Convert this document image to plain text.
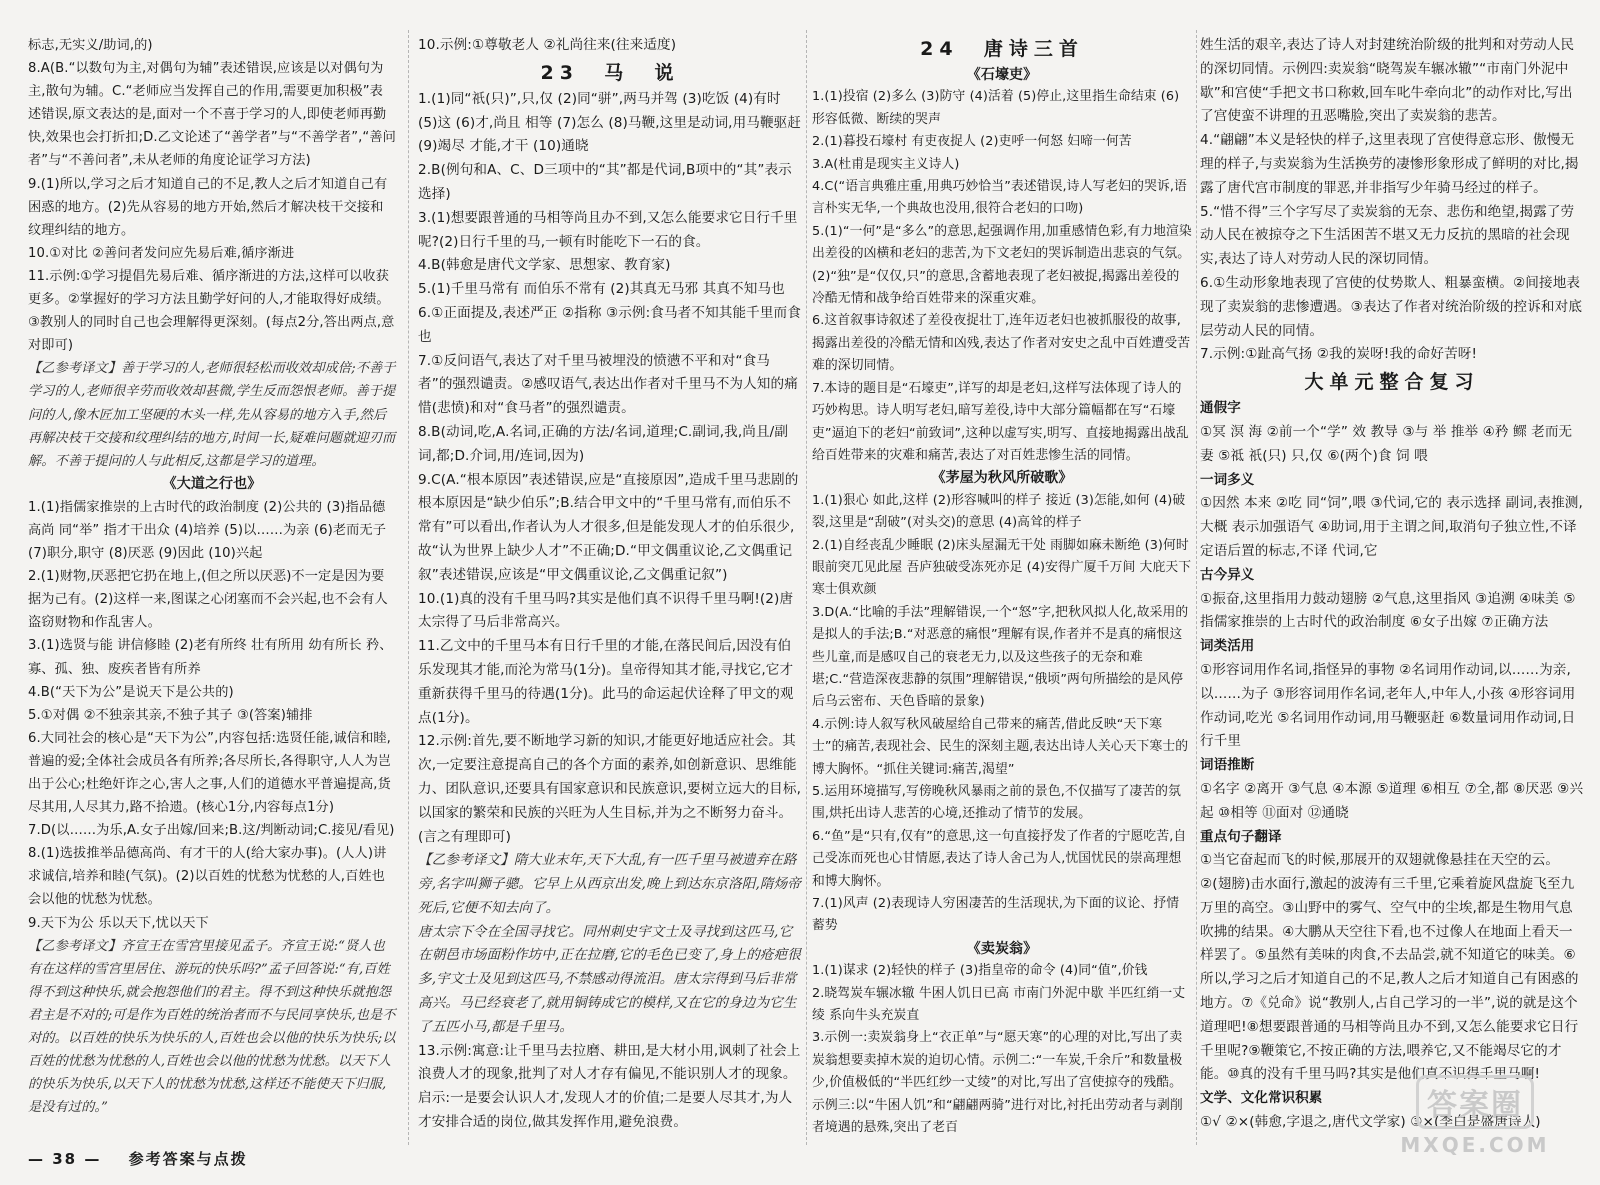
标志,无实义/助词,的)

8.A(B.“以数句为主,对偶句为辅”表述错误,应该是以对偶句为主,散句为辅。C.“老师应当发挥自己的作用,需要更加积极”表述错误,原文表达的是,面对一个不喜于学习的人,即使老师再勤快,效果也会打折扣;D.乙文论述了“善学者”与“不善学者”,“善问者”与“不善问者”,未从老师的角度论证学习方法)

9.(1)所以,学习之后才知道自己的不足,教人之后才知道自己有困惑的地方。(2)先从容易的地方开始,然后才解决枝干交接和纹理纠结的地方。

10.①对比 ②善问者发问应先易后难,循序渐进

11.示例:①学习提倡先易后难、循序渐进的方法,这样可以收获更多。②掌握好的学习方法且勤学好问的人,才能取得好成绩。③教别人的同时自己也会理解得更深刻。(每点2分,答出两点,意对即可)

【乙参考译文】善于学习的人,老师很轻松而收效却成倍;不善于学习的人,老师很辛劳而收效却甚微,学生反而怨恨老师。善于提问的人,像木匠加工坚硬的木头一样,先从容易的地方入手,然后再解决枝干交接和纹理纠结的地方,时间一长,疑难问题就迎刃而解。不善于提问的人与此相反,这都是学习的道理。

《大道之行也》

1.(1)指儒家推崇的上古时代的政治制度 (2)公共的 (3)指品德高尚 同“举” 指才干出众 (4)培养 (5)以……为亲 (6)老而无子 (7)职分,职守 (8)厌恶 (9)因此 (10)兴起

2.(1)财物,厌恶把它扔在地上,(但之所以厌恶)不一定是因为要据为己有。(2)这样一来,图谋之心闭塞而不会兴起,也不会有人盗窃财物和作乱害人。

3.(1)选贤与能 讲信修睦 (2)老有所终 壮有所用 幼有所长 矜、寡、孤、独、废疾者皆有所养

4.B(“天下为公”是说天下是公共的)

5.①对偶 ②不独亲其亲,不独子其子 ③(答案)辅排

6.大同社会的核心是“天下为公”,内容包括:选贤任能,诚信和睦,普遍的爱;全体社会成员各有所养;各尽所长,各得职守,人人为岂出于公心;杜绝奸诈之心,害人之事,人们的道德水平普遍提高,货尽其用,人尽其力,路不拾遗。(核心1分,内容每点1分)

7.D(以……为乐,A.女子出嫁/回来;B.这/判断动词;C.接见/看见)

8.(1)选拔推举品德高尚、有才干的人(给大家办事)。(人人)讲求诚信,培养和睦(气氛)。(2)以百姓的忧愁为忧愁的人,百姓也会以他的忧愁为忧愁。

9.天下为公 乐以天下,忧以天下

【乙参考译文】齐宣王在雪宫里接见孟子。齐宣王说:“贤人也有在这样的雪宫里居住、游玩的快乐吗?”孟子回答说:“有,百姓得不到这种快乐,就会抱怨他们的君主。得不到这种快乐就抱怨君主是不对的;可是作为百姓的统治者而不与民同享快乐,也是不对的。以百姓的快乐为快乐的人,百姓也会以他的快乐为快乐;以百姓的忧愁为忧愁的人,百姓也会以他的忧愁为忧愁。以天下人的快乐为快乐,以天下人的忧愁为忧愁,这样还不能使天下归服,是没有过的。”

10.示例:①尊敬老人 ②礼尚往来(往来适度)

23  马  说

1.(1)同“祇(只)”,只,仅 (2)同“骈”,两马并驾 (3)吃饭 (4)有时 (5)这 (6)才,尚且 相等 (7)怎么 (8)马鞭,这里是动词,用马鞭驱赶 (9)竭尽 才能,才干 (10)通晓

2.B(例句和A、C、D三项中的“其”都是代词,B项中的“其”表示选择)

3.(1)想要跟普通的马相等尚且办不到,又怎么能要求它日行千里呢?(2)日行千里的马,一顿有时能吃下一石的食。

4.B(韩愈是唐代文学家、思想家、教育家)

5.(1)千里马常有 而伯乐不常有 (2)其真无马邪 其真不知马也

6.①正面提及,表述严正 ②指称 ③示例:食马者不知其能千里而食也

7.①反问语气,表达了对千里马被埋没的愤懑不平和对“食马者”的强烈谴责。②感叹语气,表达出作者对千里马不为人知的痛惜(悲愤)和对“食马者”的强烈谴责。

8.B(动词,吃,A.名词,正确的方法/名词,道理;C.副词,我,尚且/副词,都;D.介词,用/连词,因为)

9.C(A.“根本原因”表述错误,应是“直接原因”,造成千里马悲剧的根本原因是“缺少伯乐”;B.结合甲文中的“千里马常有,而伯乐不常有”可以看出,作者认为人才很多,但是能发现人才的伯乐很少,故“认为世界上缺少人才”不正确;D.“甲文偶重议论,乙文偶重记叙”表述错误,应该是“甲文偶重议论,乙文偶重记叙”)

10.(1)真的没有千里马吗?其实是他们真不识得千里马啊!(2)唐太宗得了马后非常高兴。

11.乙文中的千里马本有日行千里的才能,在落民间后,因没有伯乐发现其才能,而沦为常马(1分)。皇帝得知其才能,寻找它,它才重新获得千里马的待遇(1分)。此马的命运起伏诠释了甲文的观点(1分)。

12.示例:首先,要不断地学习新的知识,才能更好地适应社会。其次,一定要注意提高自己的各个方面的素养,如创新意识、思维能力、团队意识,还要具有国家意识和民族意识,要树立远大的目标,以国家的繁荣和民族的兴旺为人生目标,并为之不断努力奋斗。(言之有理即可)

【乙参考译文】隋大业末年,天下大乱,有一匹千里马被遗弃在路旁,名字叫狮子骢。它早上从西京出发,晚上到达东京洛阳,隋炀帝死后,它便不知去向了。

唐太宗下令在全国寻找它。同州刺史宇文士及寻找到这匹马,它在朝邑市场面粉作坊中,正在拉磨,它的毛色已变了,身上的疮疤很多,宇文士及见到这匹马,不禁感动得流泪。唐太宗得到马后非常高兴。马已经衰老了,就用铜铸成它的模样,又在它的身边为它生了五匹小马,都是千里马。

13.示例:寓意:让千里马去拉磨、耕田,是大材小用,讽刺了社会上浪费人才的现象,批判了对人才存有偏见,不能识别人才的现象。启示:一是要会认识人才,发现人才的价值;二是要人尽其才,为人才安排合适的岗位,做其发挥作用,避免浪费。

24  唐诗三首

《石壕吏》

1.(1)投宿 (2)多么 (3)防守 (4)活着 (5)停止,这里指生命结束 (6)形容低微、断续的哭声

2.(1)暮投石壕村 有吏夜捉人 (2)吏呼一何怒 妇啼一何苦

3.A(杜甫是现实主义诗人)

4.C(“语言典雅庄重,用典巧妙恰当”表述错误,诗人写老妇的哭诉,语言朴实无华,一个典故也没用,很符合老妇的口吻)

5.(1)“一何”是“多么”的意思,起强调作用,加重感情色彩,有力地渲染出差役的凶横和老妇的悲苦,为下文老妇的哭诉制造出悲哀的气氛。(2)“独”是“仅仅,只”的意思,含蓄地表现了老妇被捉,揭露出差役的冷酷无情和战争给百姓带来的深重灾难。

6.这首叙事诗叙述了差役夜捉壮丁,连年迈老妇也被抓服役的故事,揭露出差役的冷酷无情和凶残,表达了作者对安史之乱中百姓遭受苦难的深切同情。

7.本诗的题目是“石壕吏”,详写的却是老妇,这样写法体现了诗人的巧妙构思。诗人明写老妇,暗写差役,诗中大部分篇幅都在写“石壕吏”逼迫下的老妇“前致词”,这种以虚写实,明写、直接地揭露出战乱给百姓带来的灾难和痛苦,表达了对百姓悲惨生活的同情。

《茅屋为秋风所破歌》

1.(1)狠心 如此,这样 (2)形容喊叫的样子 接近 (3)怎能,如何 (4)破裂,这里是“刮破”(对头交)的意思 (4)高耸的样子

2.(1)自经丧乱少睡眠 (2)床头屋漏无干处 雨脚如麻未断绝 (3)何时眼前突兀见此屋 吾庐独破受冻死亦足 (4)安得广厦千万间 大庇天下寒士俱欢颜

3.D(A.“比喻的手法”理解错误,一个“怒”字,把秋风拟人化,故采用的是拟人的手法;B.“对恶意的痛恨”理解有误,作者并不是真的痛恨这些儿童,而是感叹自己的衰老无力,以及这些孩子的无奈和难堪;C.“营造深夜悲静的氛围”理解错误,“俄顷”两句所描绘的是风停后乌云密布、天色昏暗的景象)

4.示例:诗人叙写秋风破屋给自己带来的痛苦,借此反映“天下寒士”的痛苦,表现社会、民生的深刻主题,表达出诗人关心天下寒士的博大胸怀。“抓住关键词:痛苦,渴望”

5.运用环境描写,写傍晚秋风暴雨之前的景色,不仅描写了凄苦的氛围,烘托出诗人悲苦的心境,还推动了情节的发展。

6.“鱼”是“只有,仅有”的意思,这一句直接抒发了作者的宁愿吃苦,自己受冻而死也心甘情愿,表达了诗人舍己为人,忧国忧民的崇高理想和博大胸怀。

7.(1)风声 (2)表现诗人穷困凄苦的生活现状,为下面的议论、抒情蓄势

《卖炭翁》

1.(1)谋求 (2)轻快的样子 (3)指皇帝的命令 (4)同“值”,价钱

2.晓驾炭车辗冰辙 牛困人饥日已高 市南门外泥中歇 半匹红绡一丈绫 系向牛头充炭直

3.示例一:卖炭翁身上“衣正单”与“愿天寒”的心理的对比,写出了卖炭翁想要卖掉木炭的迫切心情。示例二:“一车炭,千余斤”和数量极少,价值极低的“半匹红纱一丈绫”的对比,写出了宫使掠夺的残酷。示例三:以“牛困人饥”和“翩翩两骑”进行对比,衬托出劳动者与剥削者境遇的悬殊,突出了老百

姓生活的艰辛,表达了诗人对封建统治阶级的批判和对劳动人民的深切同情。示例四:卖炭翁“晓驾炭车辗冰辙”“市南门外泥中歇”和宫使“手把文书口称敕,回车叱牛牵向北”的动作对比,写出了宫使蛮不讲理的丑恶嘴脸,突出了卖炭翁的悲苦。

4.“翩翩”本义是轻快的样子,这里表现了宫使得意忘形、傲慢无理的样子,与卖炭翁为生活换劳的凄惨形象形成了鲜明的对比,揭露了唐代宫市制度的罪恶,并非指写少年骑马经过的样子。

5.“惜不得”三个字写尽了卖炭翁的无奈、悲伤和绝望,揭露了劳动人民在被掠夺之下生活困苦不堪又无力反抗的黑暗的社会现实,表达了诗人对劳动人民的深切同情。

6.①生动形象地表现了宫使的仗势欺人、粗暴蛮横。②间接地表现了卖炭翁的悲惨遭遇。③表达了作者对统治阶级的控诉和对底层劳动人民的同情。

7.示例:①趾高气扬 ②我的炭呀!我的命好苦呀!

大单元整合复习

通假字

①冥 溟 海 ②前一个“学” 效 教导 ③与 举 推举 ④矜 鳏 老而无妻 ⑤祗 祇(只) 只,仅 ⑥(两个)食 饲 喂

一词多义

①因然 本来 ②吃 同“饲”,喂 ③代词,它的 表示选择 副词,表推测,大概 表示加强语气 ④助词,用于主谓之间,取消句子独立性,不译 定语后置的标志,不译 代词,它

古今异义

①振奋,这里指用力鼓动翅膀 ②气息,这里指风 ③追溯 ④味美 ⑤指儒家推崇的上古时代的政治制度 ⑥女子出嫁 ⑦正确方法

词类活用

①形容词用作名词,指怪异的事物 ②名词用作动词,以……为亲,以……为子 ③形容词用作名词,老年人,中年人,小孩 ④形容词用作动词,吃光 ⑤名词用作动词,用马鞭驱赶 ⑥数量词用作动词,日行千里

词语推断

①名字 ②离开 ③气息 ④本源 ⑤道理 ⑥相互 ⑦全,都 ⑧厌恶 ⑨兴起 ⑩相等 ⑪面对 ⑫通晓

重点句子翻译

①当它奋起而飞的时候,那展开的双翅就像悬挂在天空的云。②(翅膀)击水面行,激起的波涛有三千里,它乘着旋风盘旋飞至九万里的高空。③山野中的雾气、空气中的尘埃,都是生物用气息吹拂的结果。④大鹏从天空往下看,也不过像人在地面上看天一样罢了。⑤虽然有美味的肉食,不去品尝,就不知道它的味美。⑥所以,学习之后才知道自己的不足,教人之后才知道自己有困惑的地方。⑦《兑命》说“教别人,占自己学习的一半”,说的就是这个道理吧!⑧想要跟普通的马相等尚且办不到,又怎么能要求它日行千里呢?⑨鞭策它,不按正确的方法,喂养它,又不能竭尽它的才能。⑩真的没有千里马吗?其实是他们真不识得千里马啊!

文学、文化常识积累

①√ ②×(韩愈,字退之,唐代文学家) ③×(李白是盛唐诗人)

— 38 — 参考答案与点拨
答案圈
MXQE.COM
